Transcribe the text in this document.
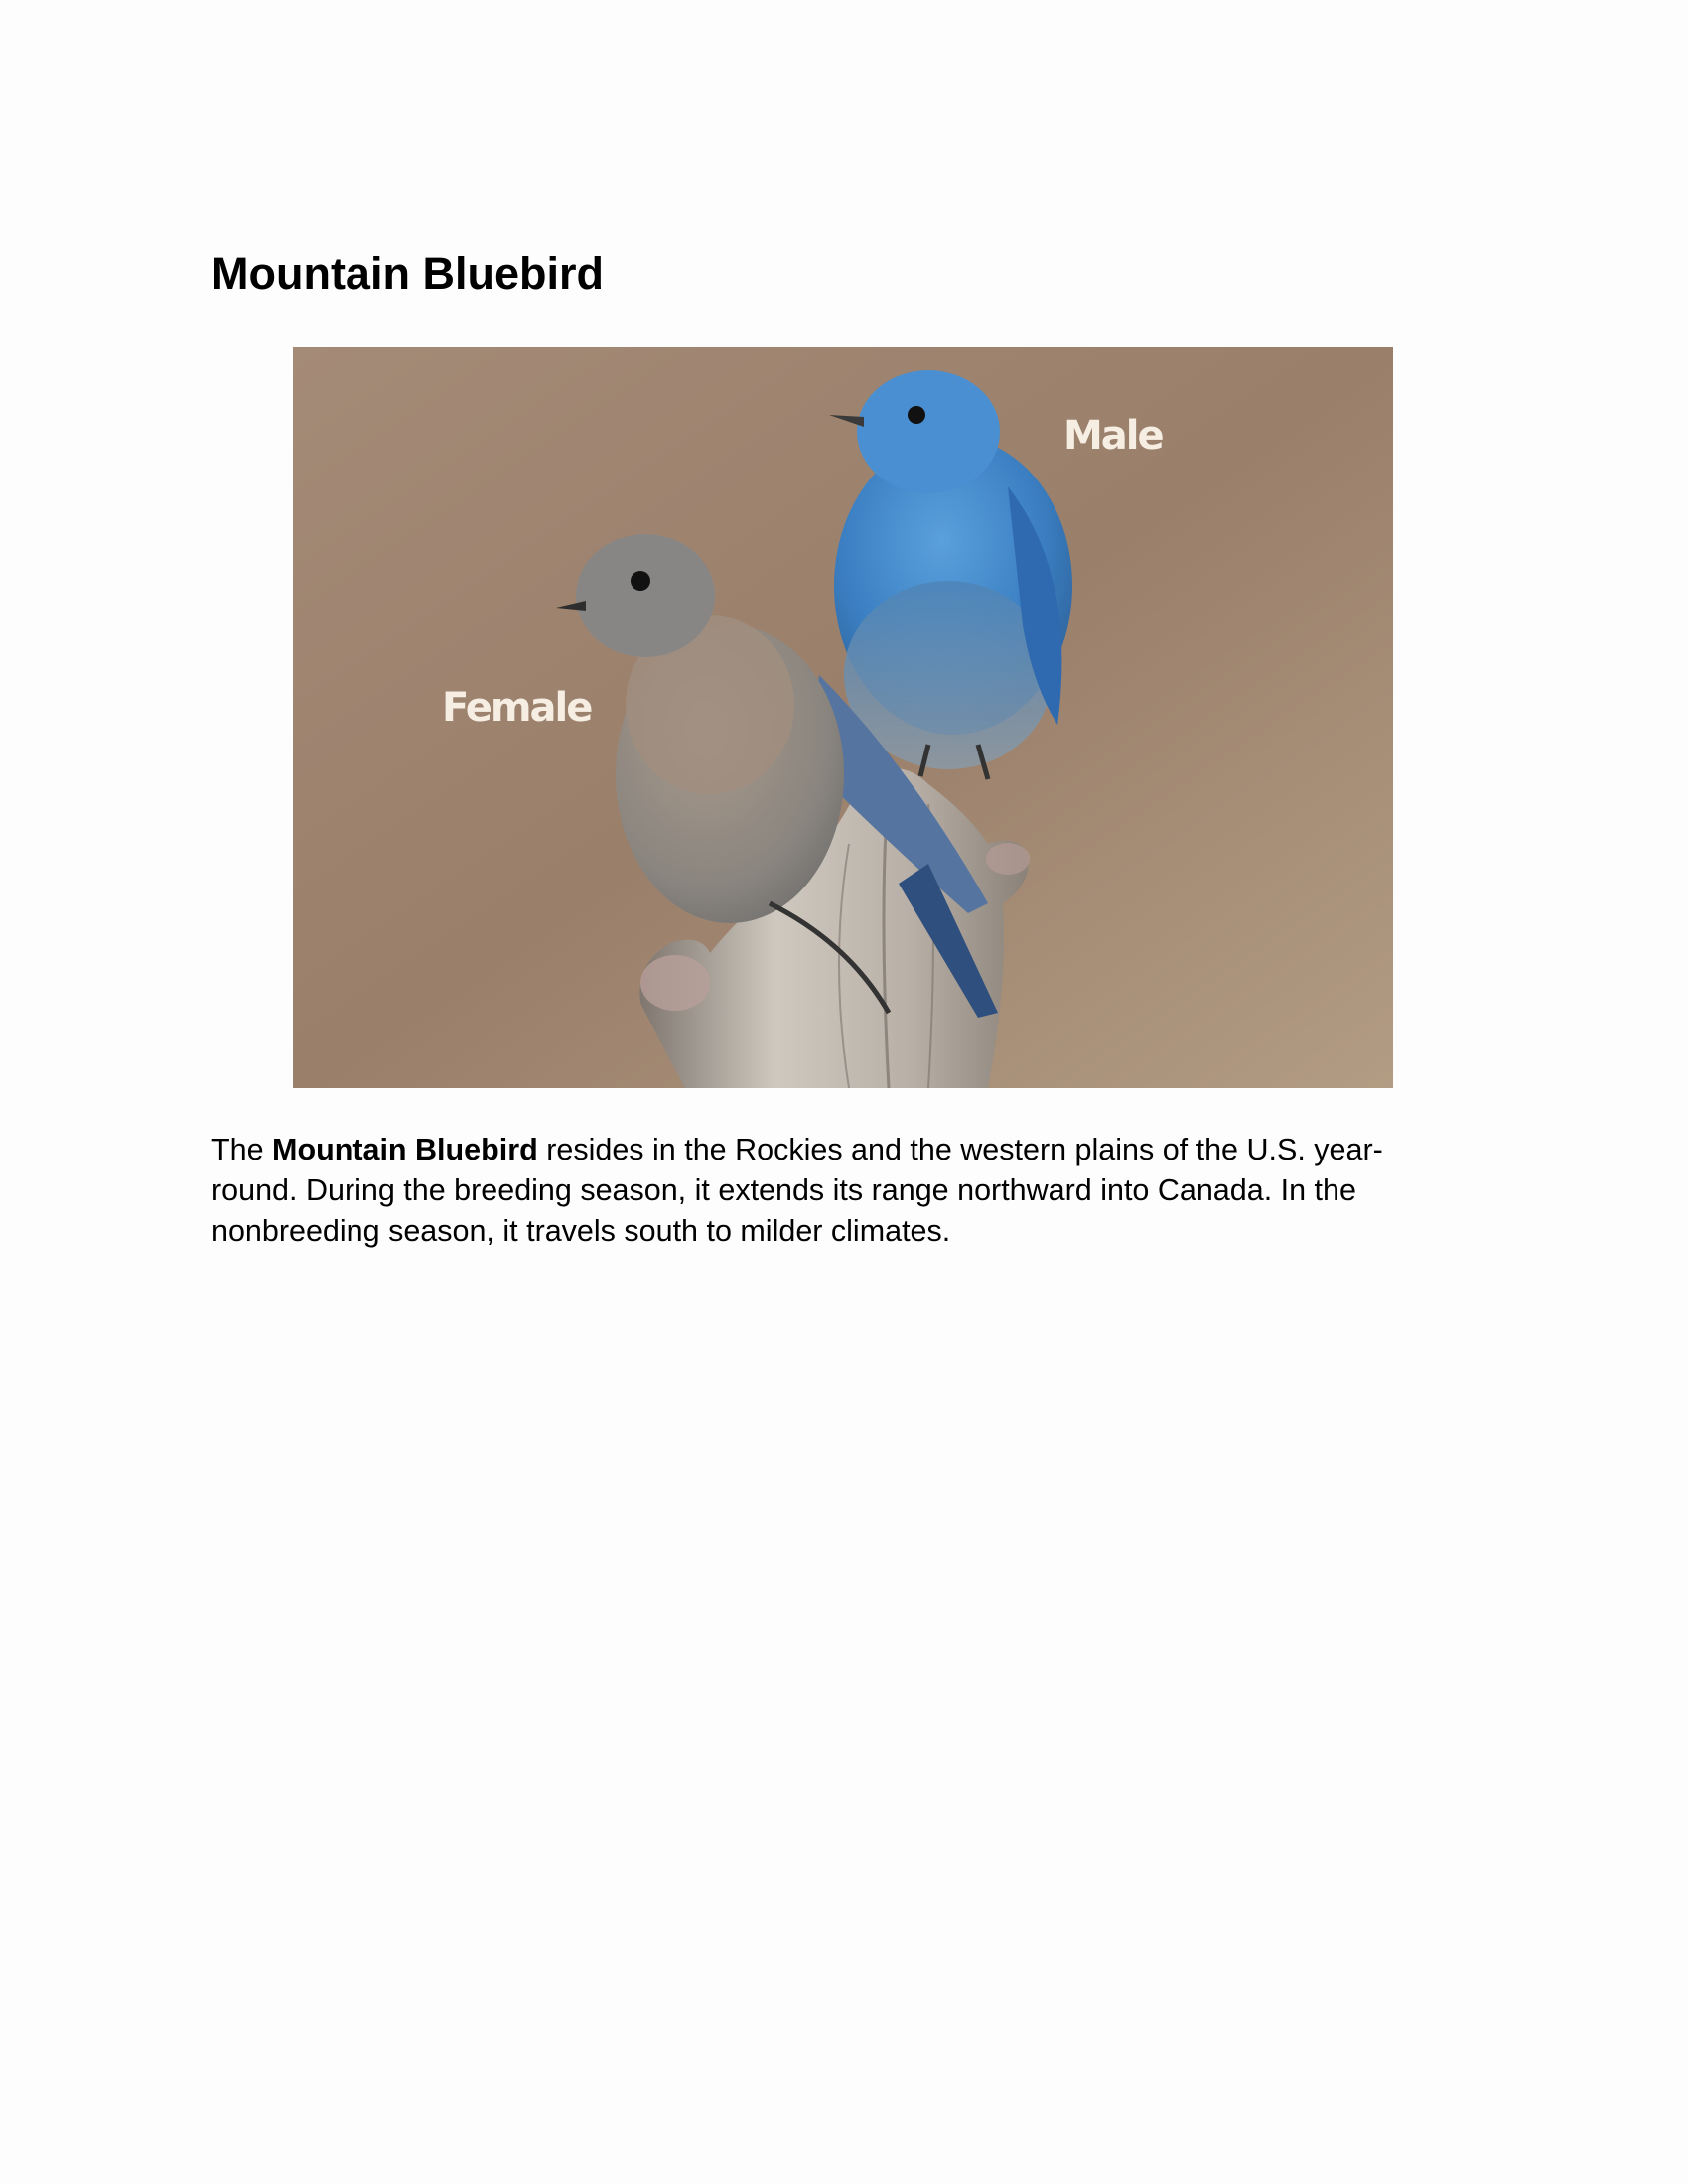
Mountain Bluebird
Male
Female

The Mountain Bluebird resides in the Rockies and the western plains of the U.S. year-round. During the breeding season, it extends its range northward into Canada. In the nonbreeding season, it travels south to milder climates.
